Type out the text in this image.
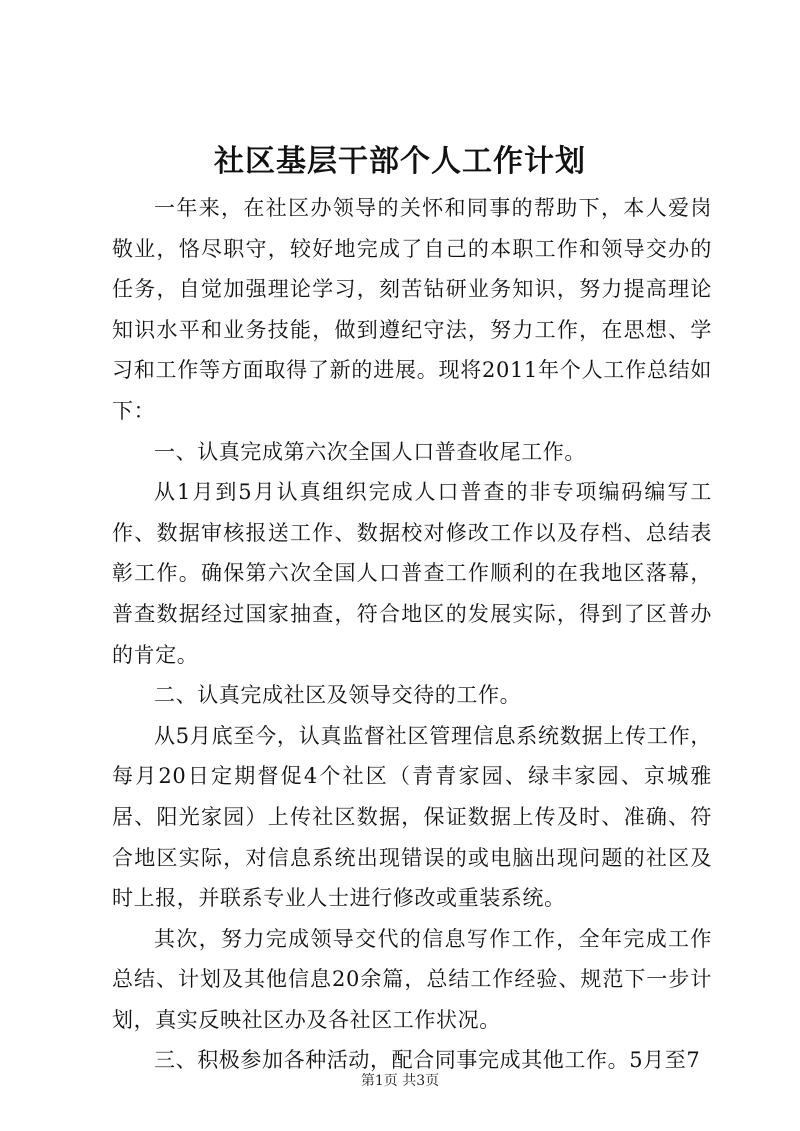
社区基层干部个人工作计划

一年来，在社区办领导的关怀和同事的帮助下，本人爱岗敬业，恪尽职守，较好地完成了自己的本职工作和领导交办的任务，自觉加强理论学习，刻苦钻研业务知识，努力提高理论知识水平和业务技能，做到遵纪守法，努力工作，在思想、学习和工作等方面取得了新的进展。现将2011年个人工作总结如下：

一、认真完成第六次全国人口普查收尾工作。

从1月到5月认真组织完成人口普查的非专项编码编写工作、数据审核报送工作、数据校对修改工作以及存档、总结表彰工作。确保第六次全国人口普查工作顺利的在我地区落幕，普查数据经过国家抽查，符合地区的发展实际，得到了区普办的肯定。

二、认真完成社区及领导交待的工作。

从5月底至今，认真监督社区管理信息系统数据上传工作，每月20日定期督促4个社区（青青家园、绿丰家园、京城雅居、阳光家园）上传社区数据，保证数据上传及时、准确、符合地区实际，对信息系统出现错误的或电脑出现问题的社区及时上报，并联系专业人士进行修改或重装系统。

其次，努力完成领导交代的信息写作工作，全年完成工作总结、计划及其他信息20余篇，总结工作经验、规范下一步计划，真实反映社区办及各社区工作状况。

三、积极参加各种活动，配合同事完成其他工作。5月至7

第1页 共3页
